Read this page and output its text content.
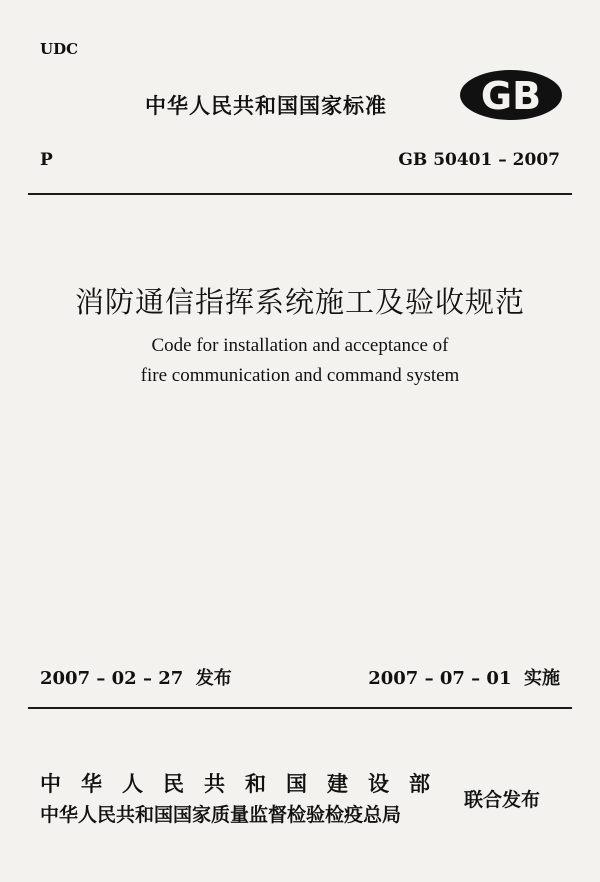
UDC
中华人民共和国国家标准 GB
P	GB 50401 – 2007
消防通信指挥系统施工及验收规范
Code for installation and acceptance of
fire communication and command system
2007 – 02 – 27  发布	2007 – 07 – 01  实施
中华人民共和国建设部
中华人民共和国国家质量监督检验检疫总局
联合发布
